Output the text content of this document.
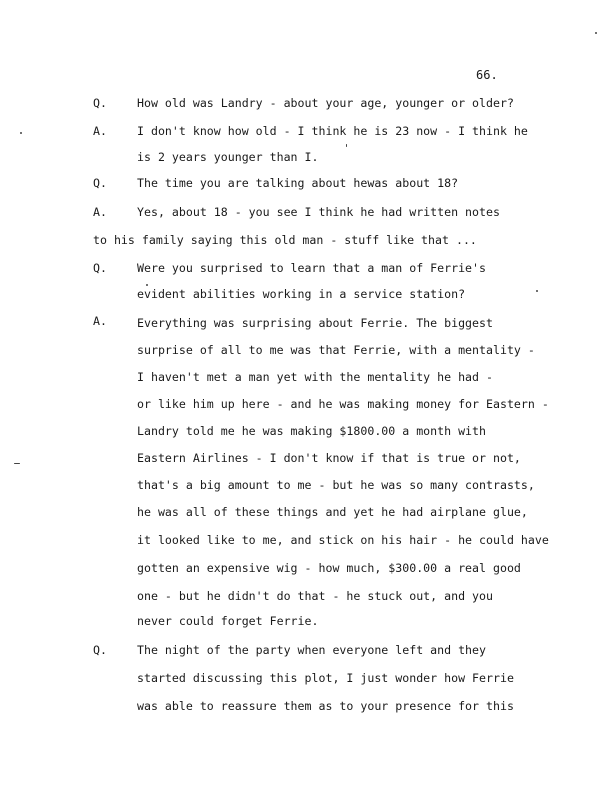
66.
Q.	How old was Landry - about your age, younger or older?
A.	I don't know how old - I think he is 23 now - I think he
is 2 years younger than I.
Q.	The time you are talking about hewas about 18?
A.	Yes, about 18 - you see I think he had written notes
to his family saying this old man - stuff like that ...
Q.	Were you surprised to learn that a man of Ferrie's
evident abilities working in a service station?
A.	Everything was surprising about Ferrie. The biggest
surprise of all to me was that Ferrie, with a mentality -
I haven't met a man yet with the mentality he had -
or like him up here - and he was making money for Eastern -
Landry told me he was making $1800.00 a month with
Eastern Airlines - I don't know if that is true or not,
that's a big amount to me - but he was so many contrasts,
he was all of these things and yet he had airplane glue,
it looked like to me, and stick on his hair - he could have
gotten an expensive wig - how much, $300.00 a real good
one - but he didn't do that - he stuck out, and you
never could forget Ferrie.
Q.	The night of the party when everyone left and they
started discussing this plot, I just wonder how Ferrie
was able to reassure them as to your presence for this
